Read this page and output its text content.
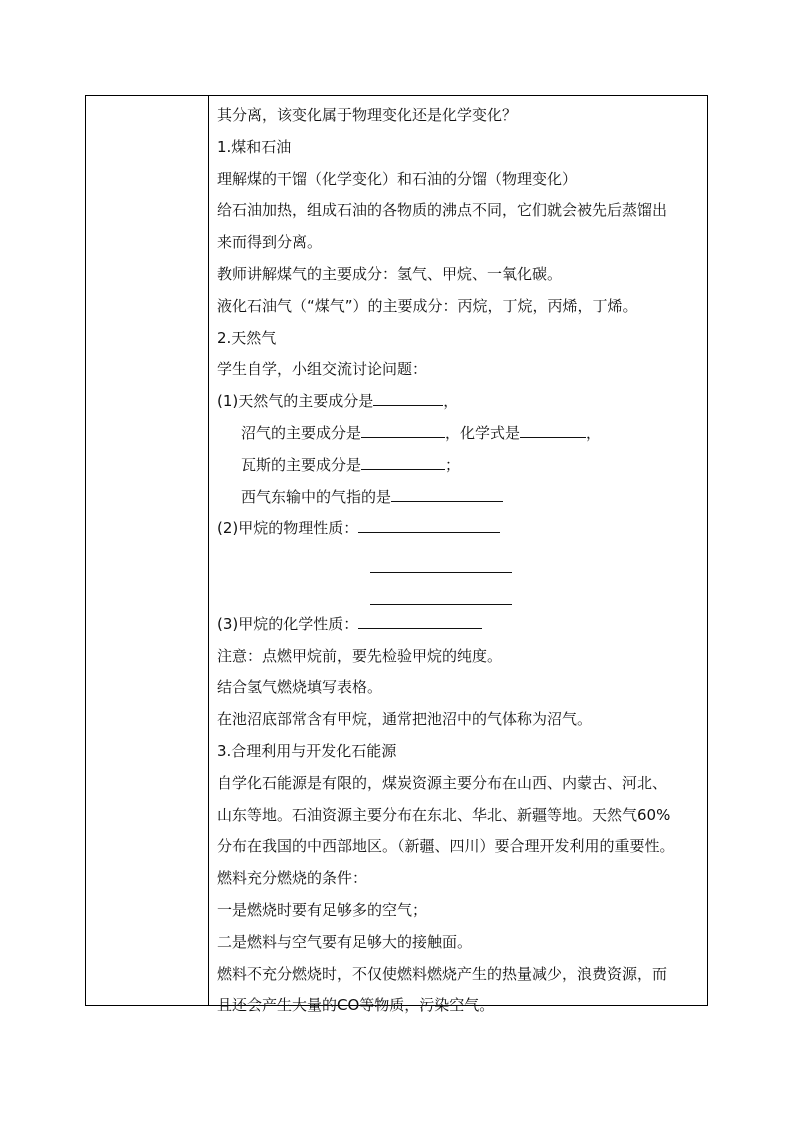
其分离，该变化属于物理变化还是化学变化？
1.煤和石油
理解煤的干馏（化学变化）和石油的分馏（物理变化）
给石油加热，组成石油的各物质的沸点不同，它们就会被先后蒸馏出
来而得到分离。
教师讲解煤气的主要成分：氢气、甲烷、一氧化碳。
液化石油气（“煤气”）的主要成分：丙烷，丁烷，丙烯，丁烯。
2.天然气
学生自学，小组交流讨论问题：
(1)天然气的主要成分是	，
沼气的主要成分是	，化学式是	，
瓦斯的主要成分是	；
西气东输中的气指的是
(2)甲烷的物理性质：
(3)甲烷的化学性质：
注意：点燃甲烷前，要先检验甲烷的纯度。
结合氢气燃烧填写表格。
在池沼底部常含有甲烷，通常把池沼中的气体称为沼气。
3.合理利用与开发化石能源
自学化石能源是有限的，煤炭资源主要分布在山西、内蒙古、河北、
山东等地。石油资源主要分布在东北、华北、新疆等地。天然气60%
分布在我国的中西部地区。（新疆、四川）要合理开发利用的重要性。
燃料充分燃烧的条件：
一是燃烧时要有足够多的空气；
二是燃料与空气要有足够大的接触面。
燃料不充分燃烧时，不仅使燃料燃烧产生的热量减少，浪费资源，而
且还会产生大量的CO等物质，污染空气。
